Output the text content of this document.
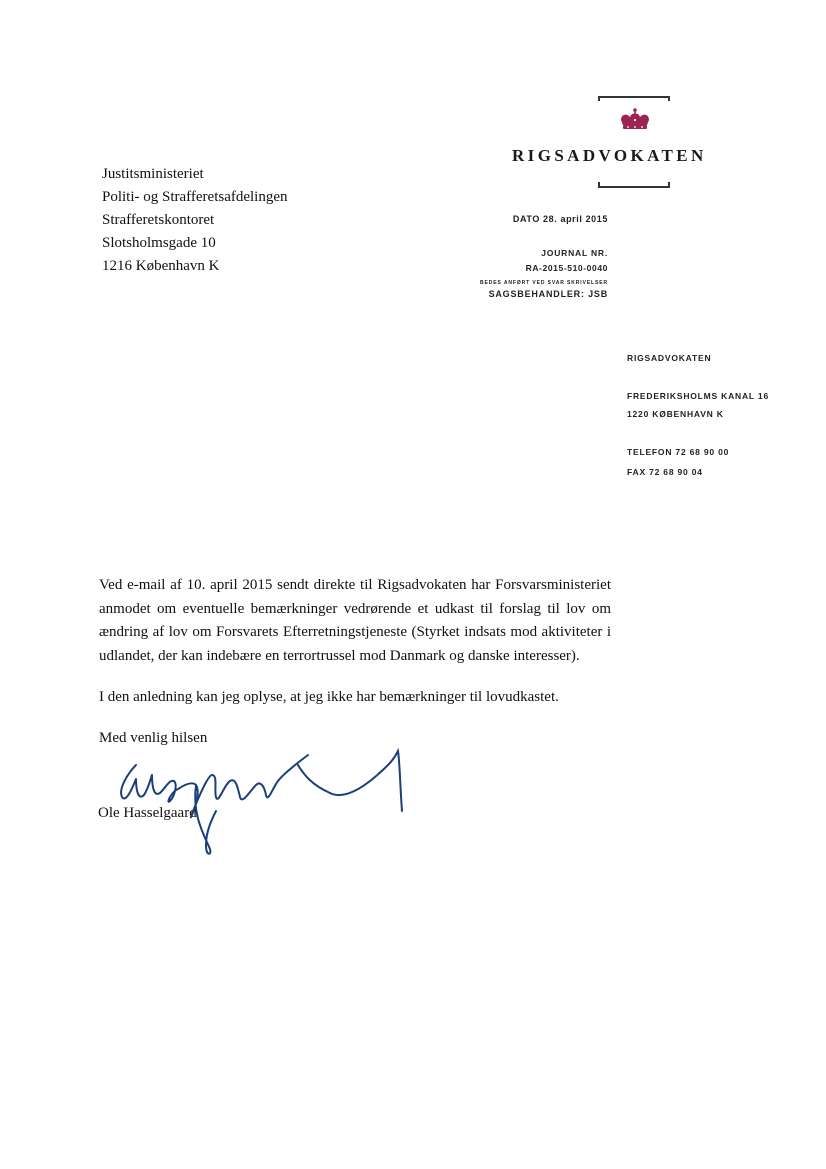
RIGSADVOKATEN
Justitsministeriet
Politi- og Strafferetsafdelingen
Strafferetskontoret
Slotsholmsgade 10
1216 København K
DATO 28. april 2015
JOURNAL NR.
RA-2015-510-0040
BEDES ANFØRT VED SVAR SKRIVELSER
SAGSBEHANDLER: JSB
RIGSADVOKATEN
FREDERIKSHOLMS KANAL 16
1220 KØBENHAVN K
TELEFON 72 68 90 00
FAX 72 68 90 04
Ved e-mail af 10. april 2015 sendt direkte til Rigsadvokaten har Forsvarsministeriet anmodet om eventuelle bemærkninger vedrørende et udkast til forslag til lov om ændring af lov om Forsvarets Efterretningstjeneste (Styrket indsats mod aktiviteter i udlandet, der kan indebære en terrortrussel mod Danmark og danske interesser).
I den anledning kan jeg oplyse, at jeg ikke har bemærkninger til lovudkastet.
Med venlig hilsen
Ole Hasselgaard
